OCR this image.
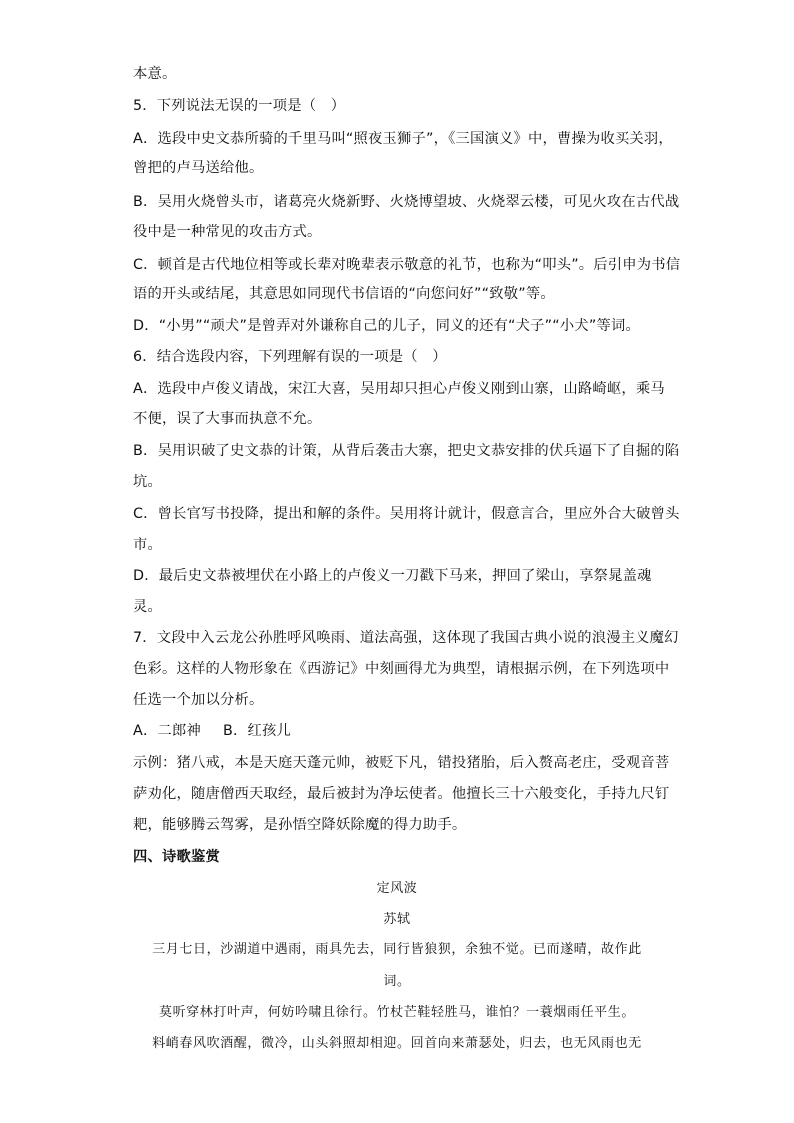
本意。
5．下列说法无误的一项是（　）
A．选段中史文恭所骑的千里马叫“照夜玉狮子”，《三国演义》中，曹操为收买关羽，
曾把的卢马送给他。
B．吴用火烧曾头市，诸葛亮火烧新野、火烧博望坡、火烧翠云楼，可见火攻在古代战
役中是一种常见的攻击方式。
C．顿首是古代地位相等或长辈对晚辈表示敬意的礼节，也称为“叩头”。后引申为书信
语的开头或结尾，其意思如同现代书信语的“向您问好”“致敬”等。
D．“小男”“顽犬”是曾弄对外谦称自己的儿子，同义的还有“犬子”“小犬”等词。
6．结合选段内容，下列理解有误的一项是（　）
A．选段中卢俊义请战，宋江大喜，吴用却只担心卢俊义刚到山寨，山路崎岖，乘马
不便，误了大事而执意不允。
B．吴用识破了史文恭的计策，从背后袭击大寨，把史文恭安排的伏兵逼下了自掘的陷
坑。
C．曾长官写书投降，提出和解的条件。吴用将计就计，假意言合，里应外合大破曾头
市。
D．最后史文恭被埋伏在小路上的卢俊义一刀戳下马来，押回了梁山，享祭晁盖魂
灵。
7．文段中入云龙公孙胜呼风唤雨、道法高强，这体现了我国古典小说的浪漫主义魔幻
色彩。这样的人物形象在《西游记》中刻画得尤为典型，请根据示例，在下列选项中
任选一个加以分析。
A．二郎神 B．红孩儿
示例：猪八戒，本是天庭天蓬元帅，被贬下凡，错投猪胎，后入赘高老庄，受观音菩
萨劝化，随唐僧西天取经，最后被封为净坛使者。他擅长三十六般变化，手持九尺钉
耙，能够腾云驾雾，是孙悟空降妖除魔的得力助手。
四、诗歌鉴赏
定风波
苏轼
三月七日，沙湖道中遇雨，雨具先去，同行皆狼狈，余独不觉。已而遂晴，故作此
词。
莫听穿林打叶声，何妨吟啸且徐行。竹杖芒鞋轻胜马，谁怕？一蓑烟雨任平生。
料峭春风吹酒醒，微冷，山头斜照却相迎。回首向来萧瑟处，归去，也无风雨也无
